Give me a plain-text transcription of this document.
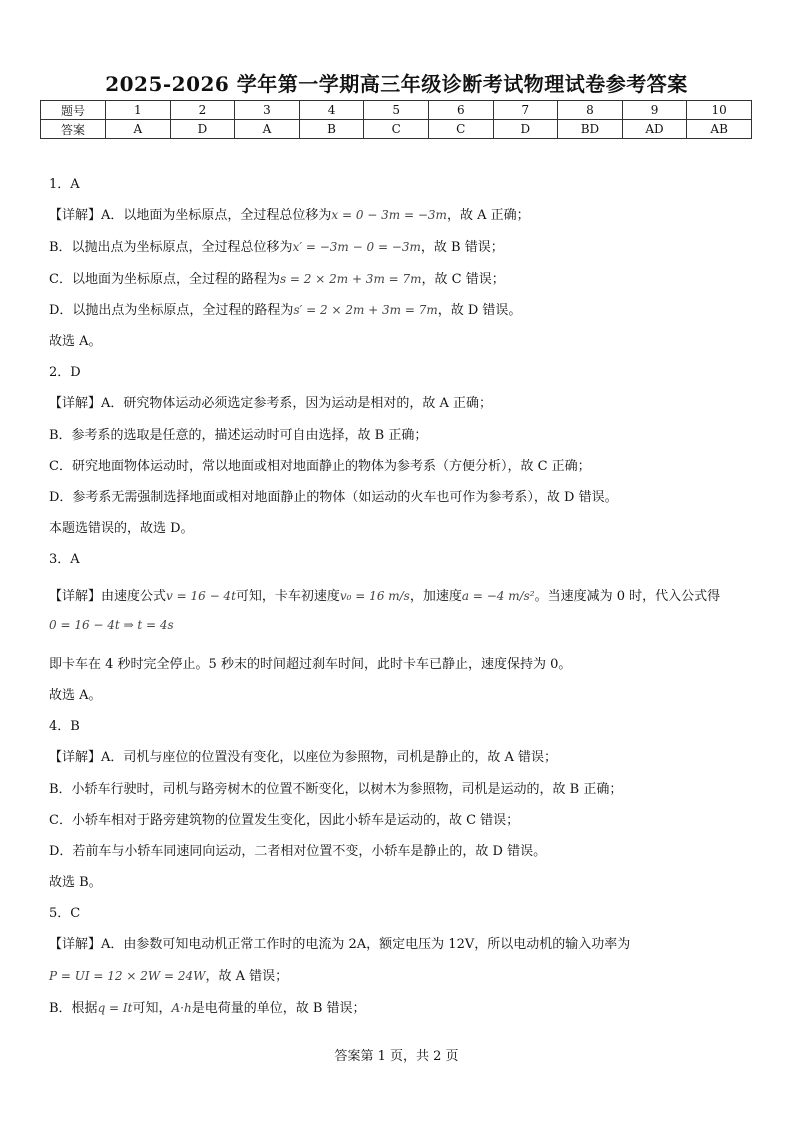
2025-2026 学年第一学期高三年级诊断考试物理试卷参考答案
题号	1	2	3	4	5	6	7	8	9	10
答案	A	D	A	B	C	C	D	BD	AD	AB
1．A
【详解】A．以地面为坐标原点，全过程总位移为x = 0 − 3m = −3m，故 A 正确；
B．以抛出点为坐标原点，全过程总位移为x′ = −3m − 0 = −3m，故 B 错误；
C．以地面为坐标原点，全过程的路程为s = 2 × 2m + 3m = 7m，故 C 错误；
D．以抛出点为坐标原点，全过程的路程为s′ = 2 × 2m + 3m = 7m，故 D 错误。
故选 A。
2．D
【详解】A．研究物体运动必须选定参考系，因为运动是相对的，故 A 正确；
B．参考系的选取是任意的，描述运动时可自由选择，故 B 正确；
C．研究地面物体运动时，常以地面或相对地面静止的物体为参考系（方便分析），故 C 正确；
D．参考系无需强制选择地面或相对地面静止的物体（如运动的火车也可作为参考系），故 D 错误。
本题选错误的，故选 D。
3．A
【详解】由速度公式v = 16 − 4t可知，卡车初速度v₀ = 16 m/s，加速度a = −4 m/s²。当速度减为 0 时，代入公式得
0 = 16 − 4t ⇒ t = 4s
即卡车在 4 秒时完全停止。5 秒末的时间超过刹车时间，此时卡车已静止，速度保持为 0。
故选 A。
4．B
【详解】A．司机与座位的位置没有变化，以座位为参照物，司机是静止的，故 A 错误；
B．小轿车行驶时，司机与路旁树木的位置不断变化，以树木为参照物，司机是运动的，故 B 正确；
C．小轿车相对于路旁建筑物的位置发生变化，因此小轿车是运动的，故 C 错误；
D．若前车与小轿车同速同向运动，二者相对位置不变，小轿车是静止的，故 D 错误。
故选 B。
5．C
【详解】A．由参数可知电动机正常工作时的电流为 2A，额定电压为 12V，所以电动机的输入功率为
P = UI = 12 × 2W = 24W，故 A 错误；
B．根据q = It可知，A·h是电荷量的单位，故 B 错误；
答案第 1 页，共 2 页
